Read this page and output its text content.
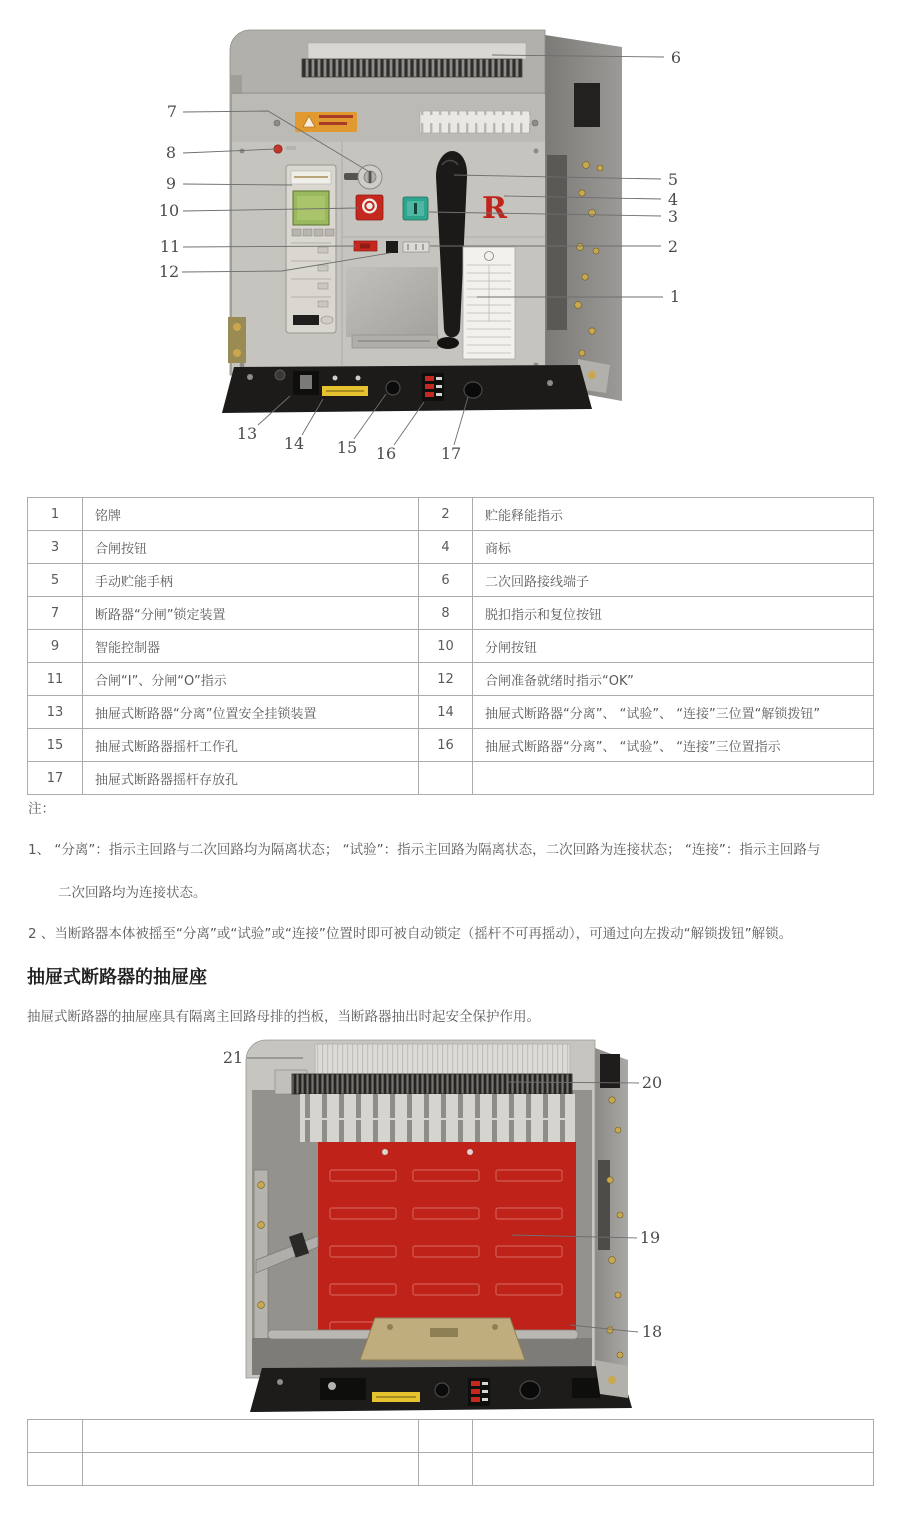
R
7
8
9
10
11
12
6
5
4
3
2
1
13
14 15 16	17
1	铭牌	2	贮能释能指示
3	合闸按钮	4	商标
5	手动贮能手柄	6	二次回路接线端子
7	断路器“分闸”锁定装置	8	脱扣指示和复位按钮
9	智能控制器	10	分闸按钮
11	合闸“I”、分闸“O”指示	12	合闸准备就绪时指示“OK”
13	抽屉式断路器“分离”位置安全挂锁装置	14	抽屉式断路器“分离”、 “试验”、 “连接”三位置“解锁拨钮”
15	抽屉式断路器摇杆工作孔	16	抽屉式断路器“分离”、 “试验”、 “连接”三位置指示
17	抽屉式断路器摇杆存放孔		
注：
1、 “分离”：指示主回路与二次回路均为隔离状态； “试验”：指示主回路为隔离状态，二次回路为连接状态； “连接”：指示主回路与
二次回路均为连接状态。
2 、当断路器本体被摇至“分离”或“试验”或“连接”位置时即可被自动锁定（摇杆不可再摇动），可通过向左拨动“解锁拨钮”解锁。
抽屉式断路器的抽屉座
抽屉式断路器的抽屉座具有隔离主回路母排的挡板，当断路器抽出时起安全保护作用。
21
20
19
18
